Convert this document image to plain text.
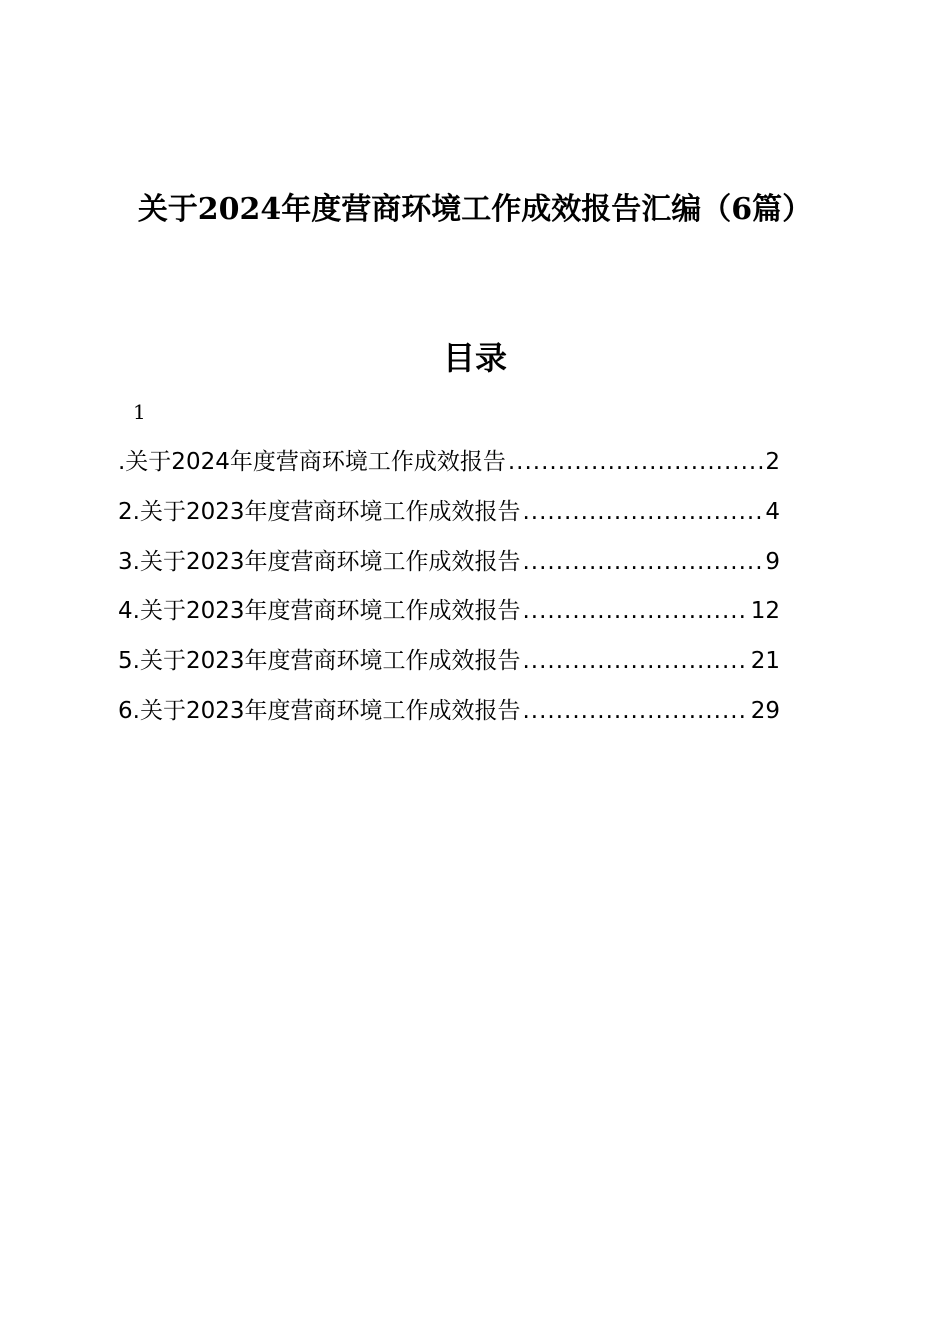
关于2024年度营商环境工作成效报告汇编（6篇）
目录
1
.关于2024年度营商环境工作成效报告 .....	2
2.关于2023年度营商环境工作成效报告 .....	4
3.关于2023年度营商环境工作成效报告 .....	9
4.关于2023年度营商环境工作成效报告 .....	12
5.关于2023年度营商环境工作成效报告 .....	21
6.关于2023年度营商环境工作成效报告 .....	29
